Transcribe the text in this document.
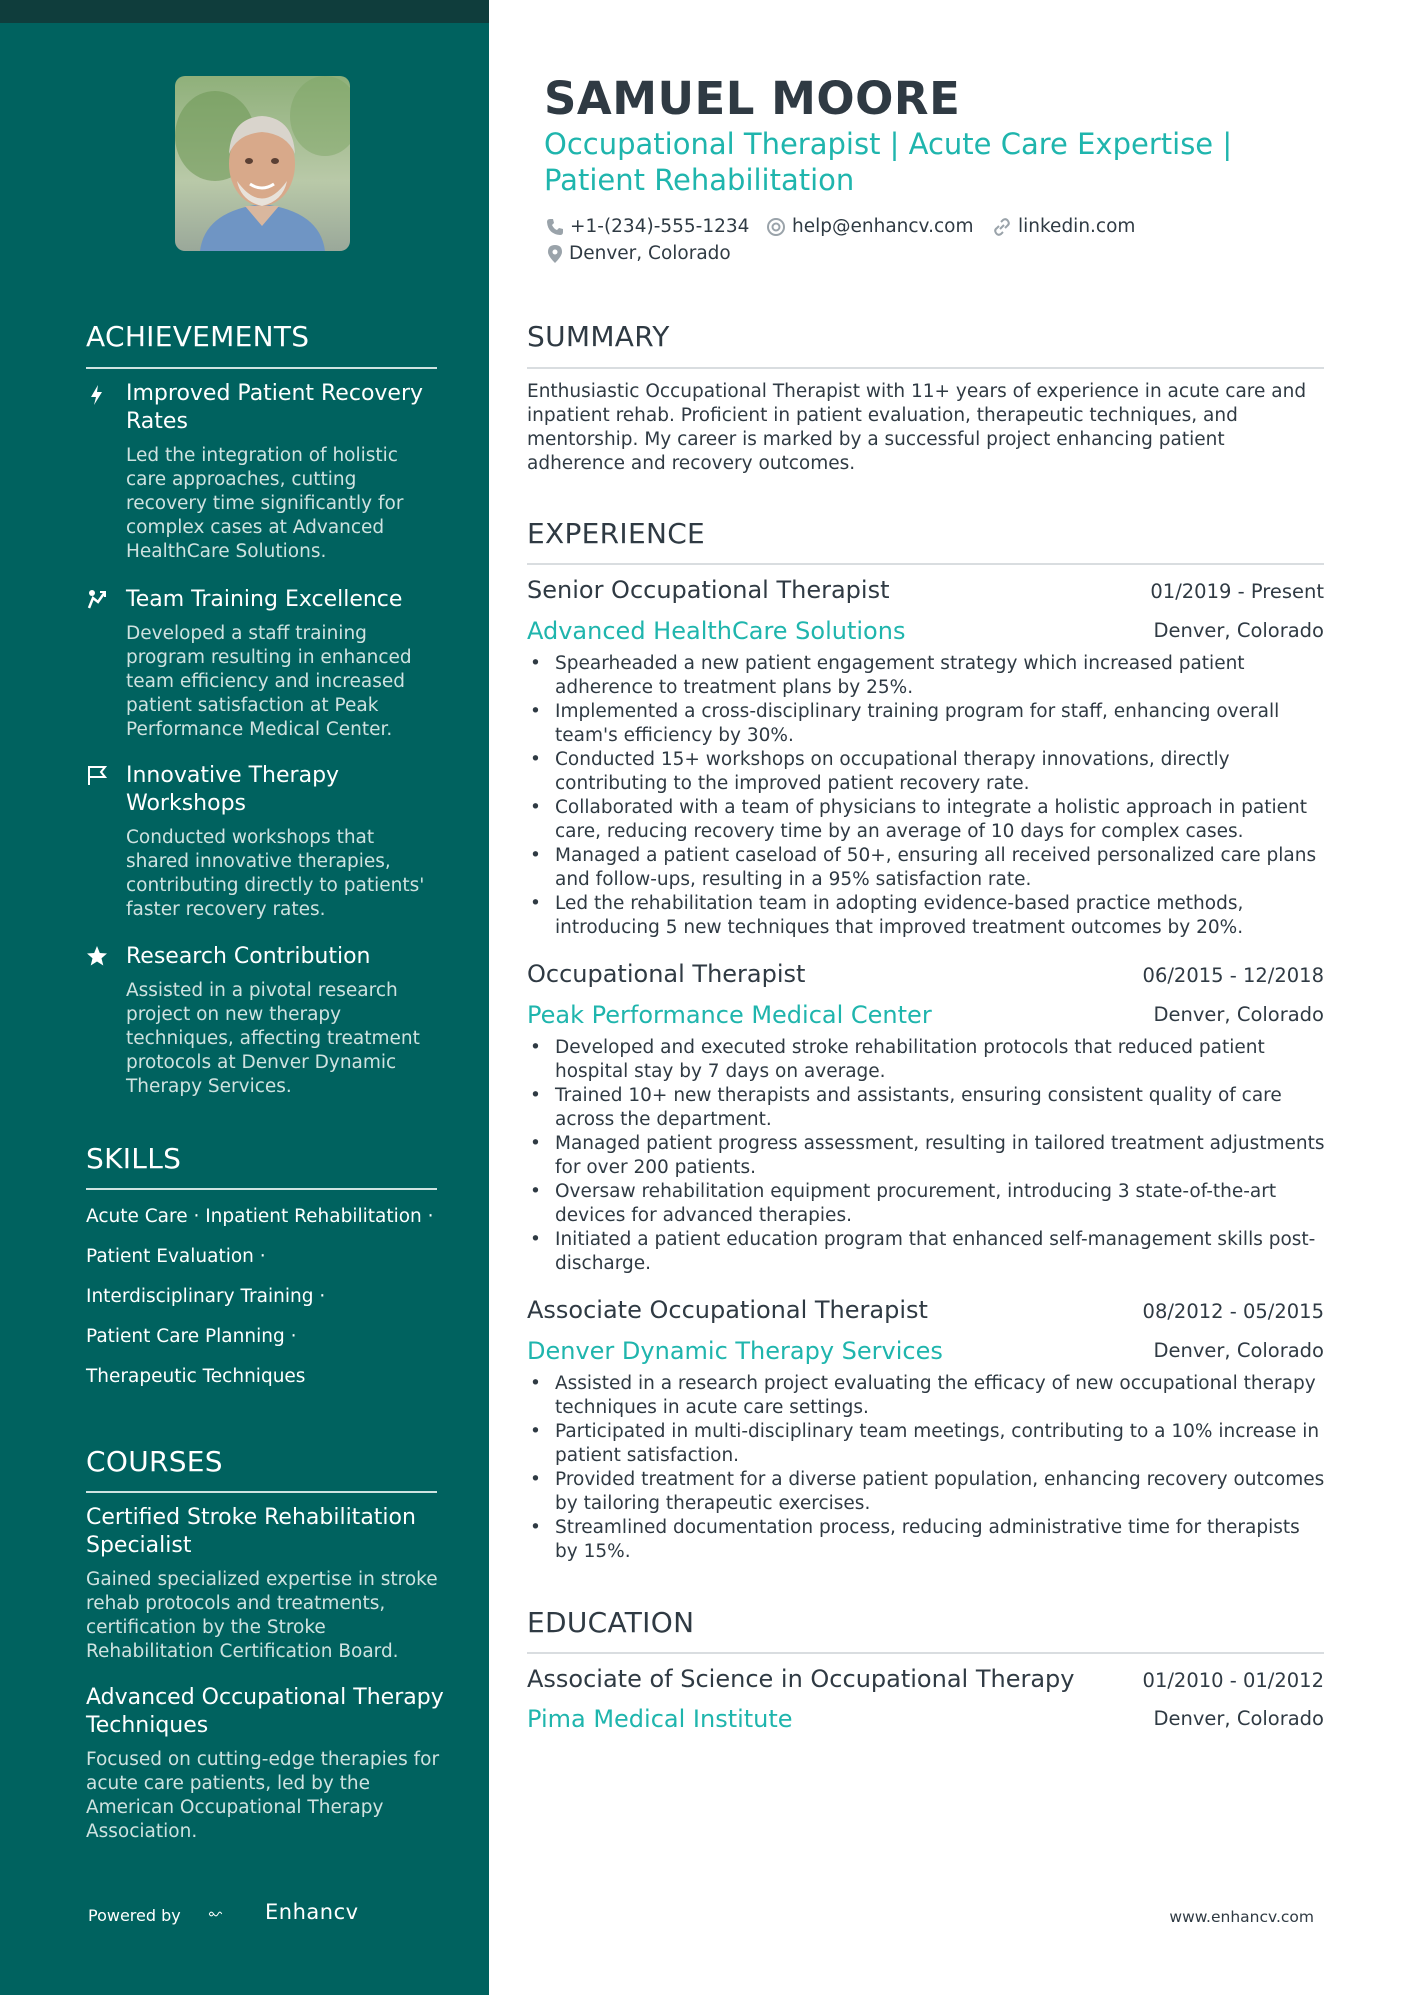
ACHIEVEMENTS
Improved Patient Recovery Rates
Led the integration of holistic care approaches, cutting recovery time significantly for complex cases at Advanced HealthCare Solutions.
Team Training Excellence
Developed a staff training program resulting in enhanced team efficiency and increased patient satisfaction at Peak Performance Medical Center.
Innovative Therapy Workshops
Conducted workshops that shared innovative therapies, contributing directly to patients' faster recovery rates.
Research Contribution
Assisted in a pivotal research project on new therapy techniques, affecting treatment protocols at Denver Dynamic Therapy Services.
SKILLS
Acute Care · Inpatient Rehabilitation ·
Patient Evaluation ·
Interdisciplinary Training ·
Patient Care Planning ·
Therapeutic Techniques
COURSES
Certified Stroke Rehabilitation Specialist
Gained specialized expertise in stroke rehab protocols and treatments, certification by the Stroke Rehabilitation Certification Board.
Advanced Occupational Therapy Techniques
Focused on cutting-edge therapies for acute care patients, led by the American Occupational Therapy Association.
Powered by	Enhancv
SAMUEL MOORE
Occupational Therapist | Acute Care Expertise |
Patient Rehabilitation
+1-(234)-555-1234 help@enhancv.com linkedin.com
Denver, Colorado
SUMMARY
Enthusiastic Occupational Therapist with 11+ years of experience in acute care and inpatient rehab. Proficient in patient evaluation, therapeutic techniques, and mentorship. My career is marked by a successful project enhancing patient adherence and recovery outcomes.
EXPERIENCE
Senior Occupational Therapist	01/2019 - Present
Advanced HealthCare Solutions	Denver, Colorado
• Spearheaded a new patient engagement strategy which increased patient adherence to treatment plans by 25%.
• Implemented a cross-disciplinary training program for staff, enhancing overall team's efficiency by 30%.
• Conducted 15+ workshops on occupational therapy innovations, directly contributing to the improved patient recovery rate.
• Collaborated with a team of physicians to integrate a holistic approach in patient care, reducing recovery time by an average of 10 days for complex cases.
• Managed a patient caseload of 50+, ensuring all received personalized care plans and follow-ups, resulting in a 95% satisfaction rate.
• Led the rehabilitation team in adopting evidence-based practice methods, introducing 5 new techniques that improved treatment outcomes by 20%.
Occupational Therapist	06/2015 - 12/2018
Peak Performance Medical Center	Denver, Colorado
• Developed and executed stroke rehabilitation protocols that reduced patient hospital stay by 7 days on average.
• Trained 10+ new therapists and assistants, ensuring consistent quality of care across the department.
• Managed patient progress assessment, resulting in tailored treatment adjustments for over 200 patients.
• Oversaw rehabilitation equipment procurement, introducing 3 state-of-the-art devices for advanced therapies.
• Initiated a patient education program that enhanced self-management skills post-discharge.
Associate Occupational Therapist	08/2012 - 05/2015
Denver Dynamic Therapy Services	Denver, Colorado
• Assisted in a research project evaluating the efficacy of new occupational therapy techniques in acute care settings.
• Participated in multi-disciplinary team meetings, contributing to a 10% increase in patient satisfaction.
• Provided treatment for a diverse patient population, enhancing recovery outcomes by tailoring therapeutic exercises.
• Streamlined documentation process, reducing administrative time for therapists by 15%.
EDUCATION
Associate of Science in Occupational Therapy	01/2010 - 01/2012
Pima Medical Institute	Denver, Colorado
www.enhancv.com
